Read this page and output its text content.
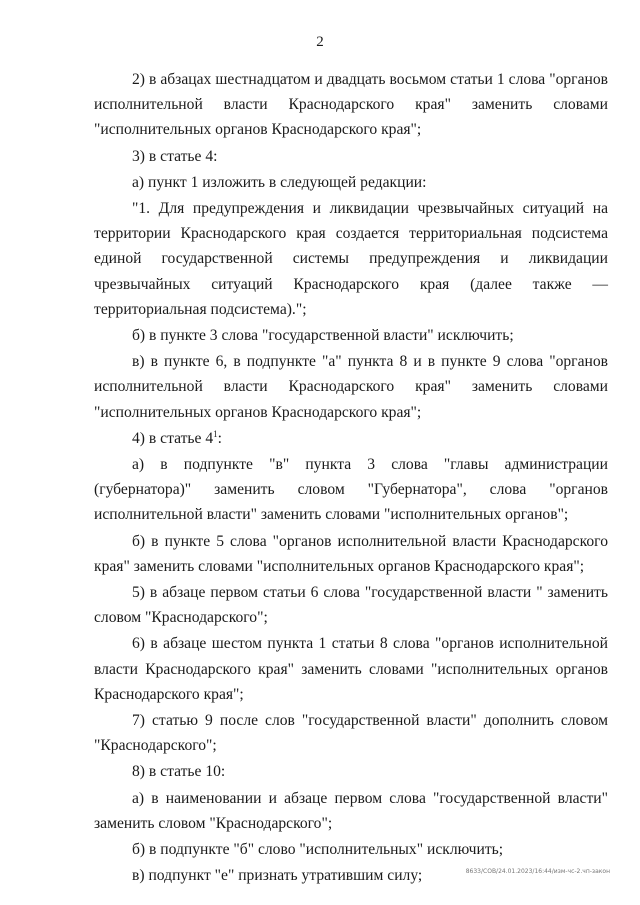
2

2) в абзацах шестнадцатом и двадцать восьмом статьи 1 слова "органов исполнительной власти Краснодарского края" заменить словами "исполнительных органов Краснодарского края";

3) в статье 4:

а) пункт 1 изложить в следующей редакции:

"1. Для предупреждения и ликвидации чрезвычайных ситуаций на территории Краснодарского края создается территориальная подсистема единой государственной системы предупреждения и ликвидации чрезвычайных ситуаций Краснодарского края (далее также — территориальная подсистема).";

б) в пункте 3 слова "государственной власти" исключить;

в) в пункте 6, в подпункте "а" пункта 8 и в пункте 9 слова "органов исполнительной власти Краснодарского края" заменить словами "исполнительных органов Краснодарского края";

4) в статье $4^1$:

а) в подпункте "в" пункта 3 слова "главы администрации (губернатора)" заменить словом "Губернатора", слова "органов исполнительной власти" заменить словами "исполнительных органов";

б) в пункте 5 слова "органов исполнительной власти Краснодарского края" заменить словами "исполнительных органов Краснодарского края";

5) в абзаце первом статьи 6 слова "государственной власти " заменить словом "Краснодарского";

6) в абзаце шестом пункта 1 статьи 8 слова "органов исполнительной власти Краснодарского края" заменить словами "исполнительных органов Краснодарского края";

7) статью 9 после слов "государственной власти" дополнить словом "Краснодарского";

8) в статье 10:

а) в наименовании и абзаце первом слова "государственной власти" заменить словом "Краснодарского";

б) в подпункте "б" слово "исполнительных" исключить;

в) подпункт "е" признать утратившим силу;	8633/СОВ/24.01.2023/16:44/изм-чс-2.чп-закон
